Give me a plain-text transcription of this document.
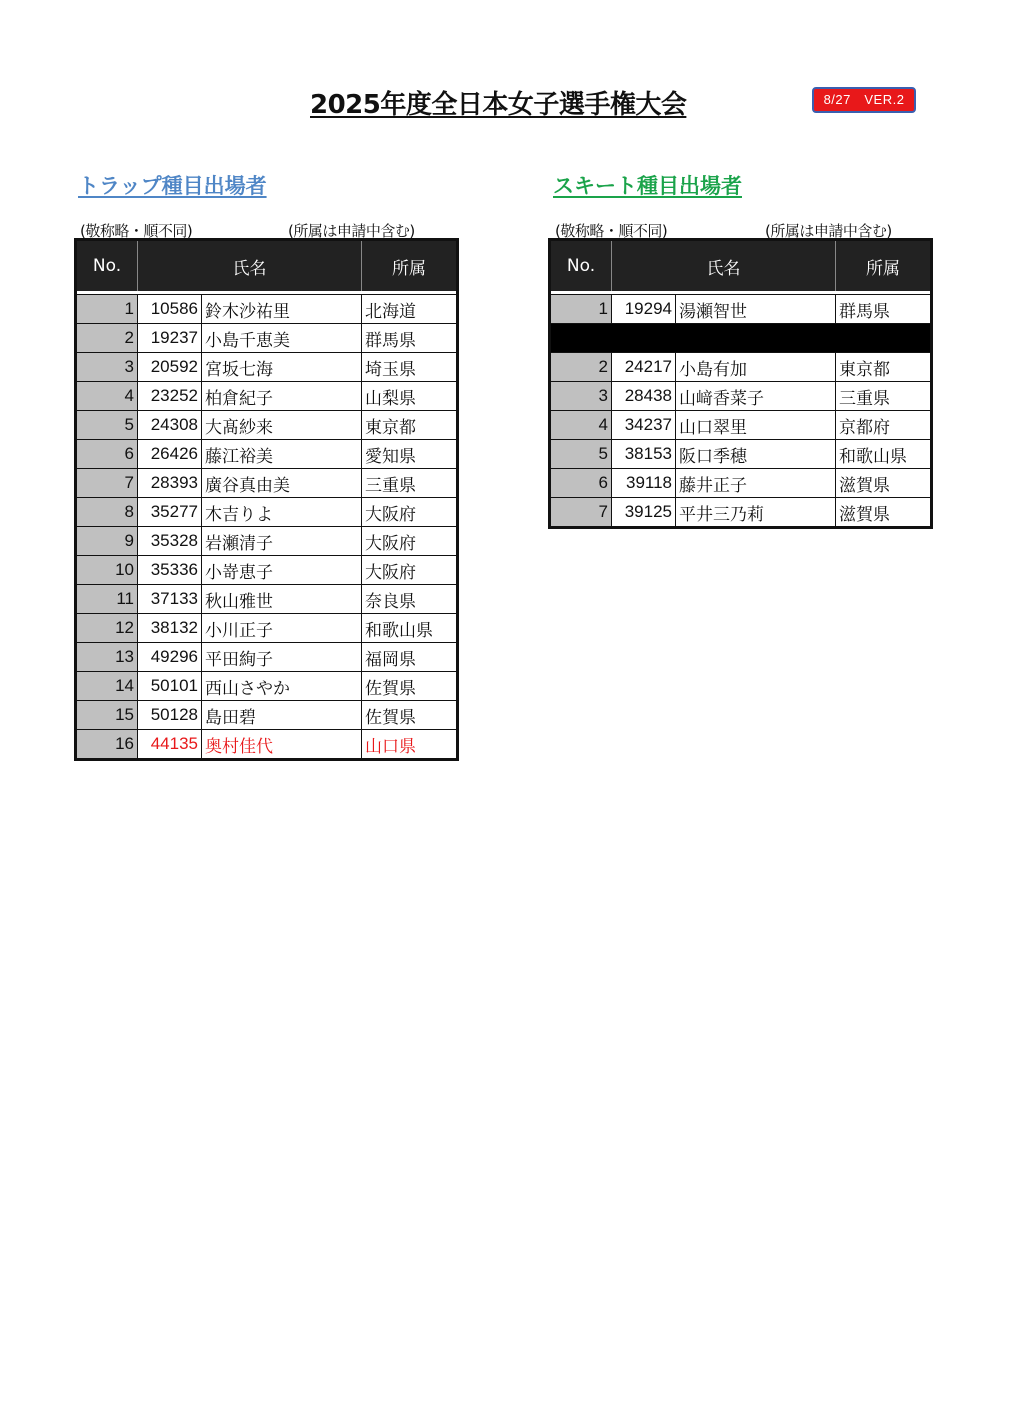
2025年度全日本女子選手権大会	8/27　VER.2
トラップ種目出場者
(敬称略・順不同)	(所属は申請中含む)
スキート種目出場者
(敬称略・順不同)	(所属は申請中含む)
No.	氏名		所属

1	10586	鈴木沙祐里	北海道
2	19237	小島千恵美	群馬県
3	20592	宮坂七海	埼玉県
4	23252	柏倉紀子	山梨県
5	24308	大髙紗来	東京都
6	26426	藤江裕美	愛知県
7	28393	廣谷真由美	三重県
8	35277	木吉りよ	大阪府
9	35328	岩瀬清子	大阪府
10	35336	小嵜恵子	大阪府
11	37133	秋山雅世	奈良県
12	38132	小川正子	和歌山県
13	49296	平田絢子	福岡県
14	50101	西山さやか	佐賀県
15	50128	島田碧	佐賀県
16	44135	奥村佳代	山口県
No.	氏名		所属

1	19294	湯瀬智世	群馬県

2	24217	小島有加	東京都
3	28438	山﨑香菜子	三重県
4	34237	山口翠里	京都府
5	38153	阪口季穂	和歌山県
6	39118	藤井正子	滋賀県
7	39125	平井三乃莉	滋賀県
